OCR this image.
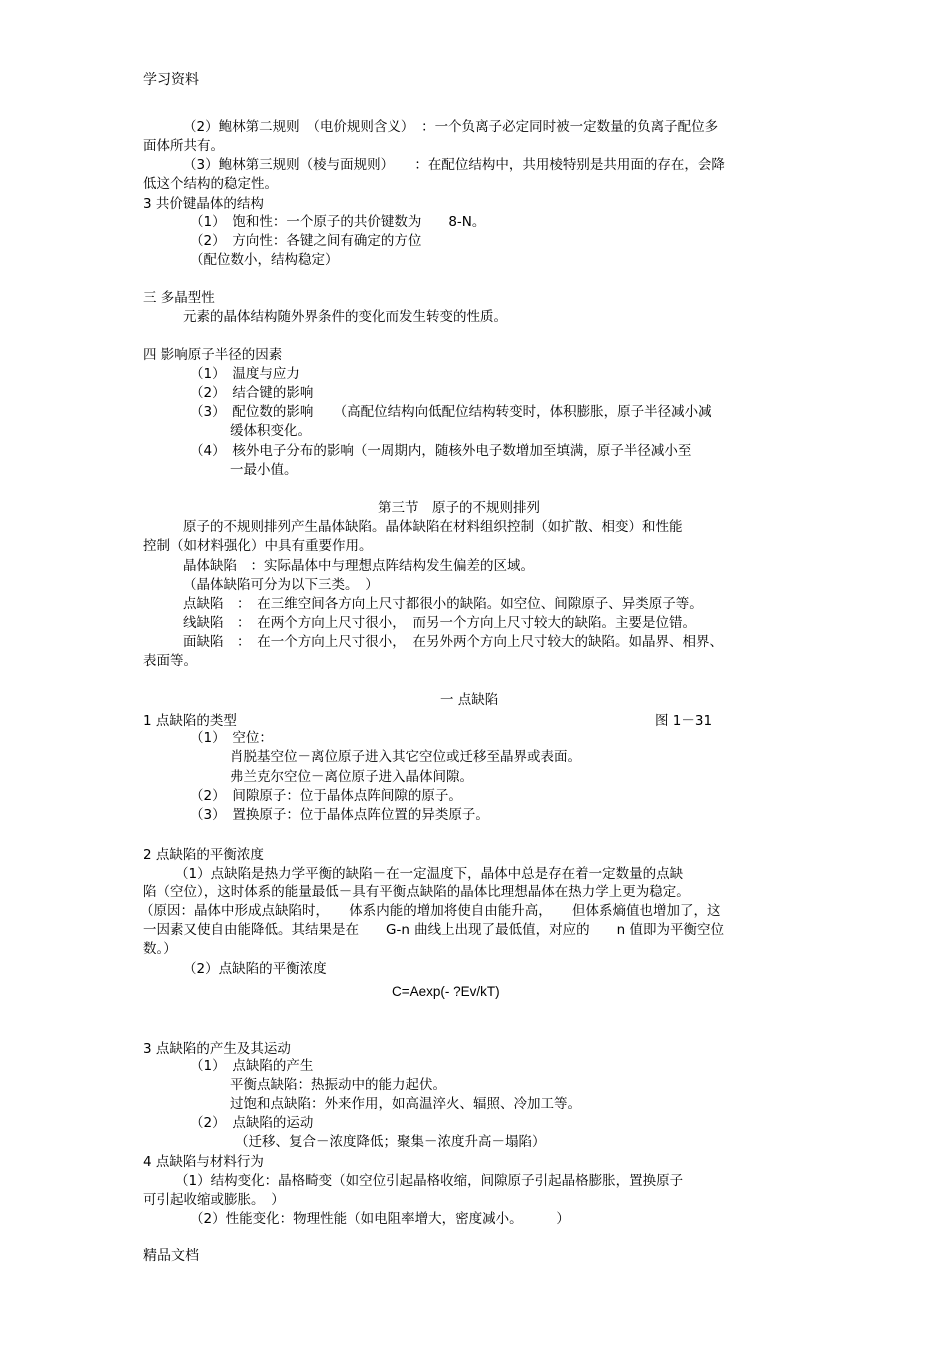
学习资料
（2）鲍林第二规则　（电价规则含义）　：一个负离子必定同时被一定数量的负离子配位多
面体所共有。
（3）鲍林第三规则（棱与面规则）　　：在配位结构中，共用棱特别是共用面的存在，会降
低这个结构的稳定性。
3 共价键晶体的结构
（1）　饱和性：一个原子的共价键数为　　8-N。
（2）　方向性：各键之间有确定的方位
（配位数小，结构稳定）
三 多晶型性
元素的晶体结构随外界条件的变化而发生转变的性质。
四 影响原子半径的因素
（1）　温度与应力
（2）　结合键的影响
（3）　配位数的影响　　（高配位结构向低配位结构转变时，体积膨胀，原子半径减小减
缓体积变化。
（4）　核外电子分布的影响（一周期内，随核外电子数增加至填满，原子半径减小至
一最小值。
第三节　原子的不规则排列
原子的不规则排列产生晶体缺陷。晶体缺陷在材料组织控制（如扩散、相变）和性能
控制（如材料强化）中具有重要作用。
晶体缺陷　：实际晶体中与理想点阵结构发生偏差的区域。
（晶体缺陷可分为以下三类。　）
点缺陷　：　在三维空间各方向上尺寸都很小的缺陷。如空位、间隙原子、异类原子等。
线缺陷　：　在两个方向上尺寸很小，　而另一个方向上尺寸较大的缺陷。主要是位错。
面缺陷　：　在一个方向上尺寸很小，　在另外两个方向上尺寸较大的缺陷。如晶界、相界、
表面等。
一 点缺陷
1 点缺陷的类型	图 1－31
（1）　空位：
肖脱基空位－离位原子进入其它空位或迁移至晶界或表面。
弗兰克尔空位－离位原子进入晶体间隙。
（2）　间隙原子：位于晶体点阵间隙的原子。
（3）　置换原子：位于晶体点阵位置的异类原子。
2 点缺陷的平衡浓度
（1）点缺陷是热力学平衡的缺陷－在一定温度下，晶体中总是存在着一定数量的点缺
陷（空位），这时体系的能量最低－具有平衡点缺陷的晶体比理想晶体在热力学上更为稳定。
（原因：晶体中形成点缺陷时，　　体系内能的增加将使自由能升高，　　但体系熵值也增加了，这
一因素又使自由能降低。其结果是在　　G-n 曲线上出现了最低值，对应的　　n 值即为平衡空位
数。）
（2）点缺陷的平衡浓度
C=Aexp(- ?Ev/kT)
3 点缺陷的产生及其运动
（1）　点缺陷的产生
平衡点缺陷：热振动中的能力起伏。
过饱和点缺陷：外来作用，如高温淬火、辐照、冷加工等。
（2）　点缺陷的运动
（迁移、复合－浓度降低；聚集－浓度升高－塌陷）
4 点缺陷与材料行为
（1）结构变化：晶格畸变（如空位引起晶格收缩，间隙原子引起晶格膨胀，置换原子
可引起收缩或膨胀。　）
（2）性能变化：物理性能（如电阻率增大，密度减小。　　　）
精品文档
